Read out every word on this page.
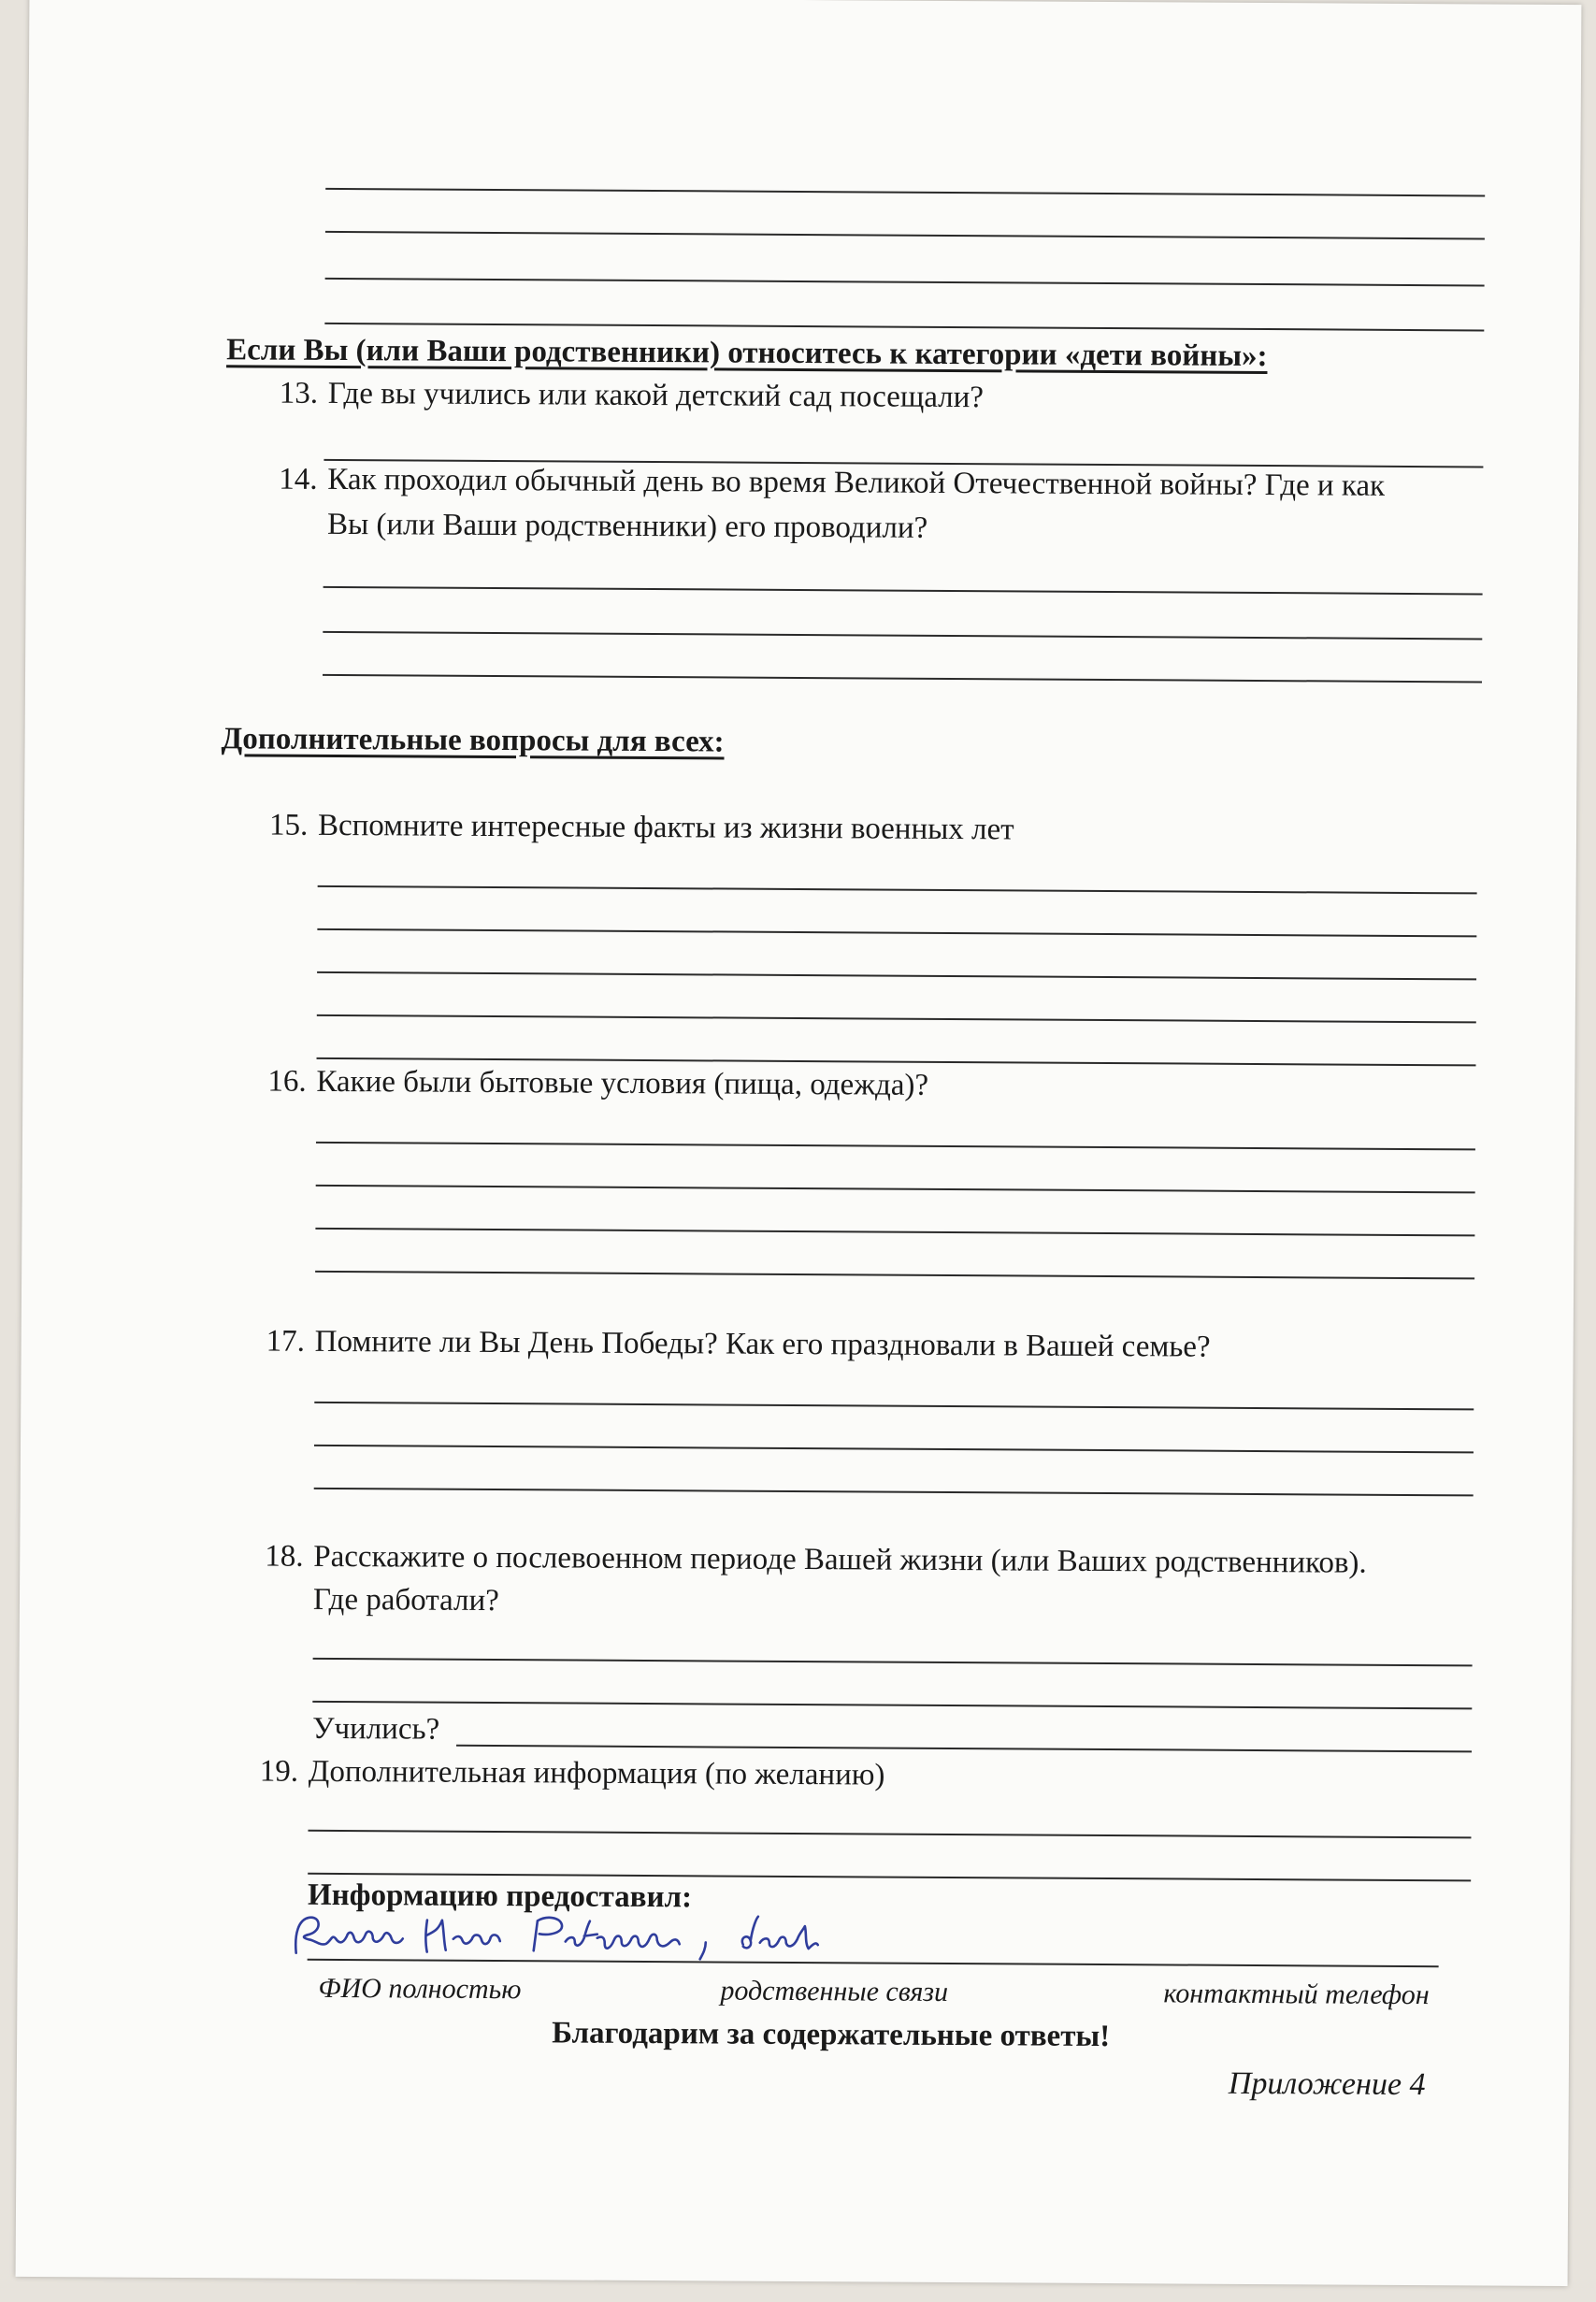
Если Вы (или Ваши родственники) относитесь к категории «дети войны»:
13. Где вы учились или какой детский сад посещали?
14. Как проходил обычный день во время Великой Отечественной войны? Где и как
Вы (или Ваши родственники) его проводили?
Дополнительные вопросы для всех:
15. Вспомните интересные факты из жизни военных лет
16. Какие были бытовые условия (пища, одежда)?
17. Помните ли Вы День Победы? Как его праздновали в Вашей семье?
18. Расскажите о послевоенном периоде Вашей жизни (или Ваших родственников).
Где работали?
Учились?
19. Дополнительная информация (по желанию)
Информацию предоставил:
ФИО полностью	родственные связи	контактный телефон
Благодарим за содержательные ответы!
Приложение 4
